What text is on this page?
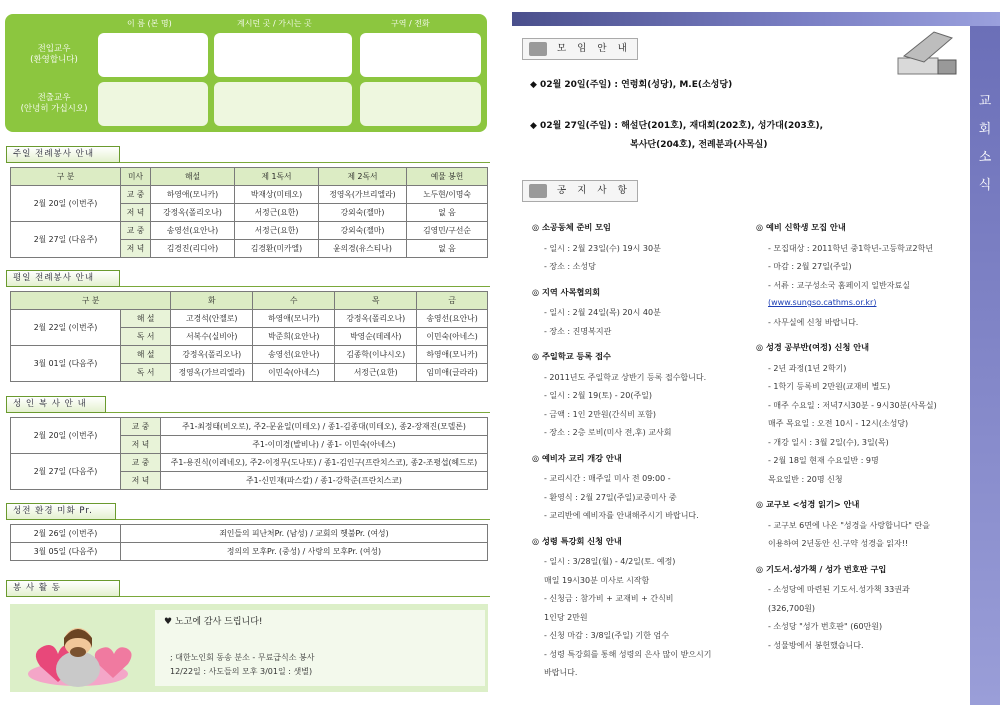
이 름 (본 명)	계시던 곳 / 가시는 곳	구역 / 전화
전입교우
(환영합니다)
전출교우
(안녕히 가십시오)
주일 전례봉사 안내
구 분	미사	해설	제 1독서	제 2독서	예물 봉헌
2월 20일 (이번주)	교 중	하영애(모니카)	박재상(미테오)	정영옥(가브리엘라)	노두현/이명숙
	저 녁	강정옥(폴리오나)	서정근(요한)	강외숙(젤마)	없 음
2월 27일 (다음주)	교 중	송영선(요안나)	서정근(요한)	강외숙(젤마)	김영민/구선순
	저 녁	김경진(리디아)	김경환(미카엘)	윤의경(유스티나)	없 음
평일 전례봉사 안내
구 분		화	수	목	금
2월 22일 (이번주)	해 설	고경석(안젤로)	하영애(모니카)	강정옥(폴리오나)	송영선(요안나)
	독 서	서복수(실비아)	박준희(요안나)	박영순(데레사)	이민숙(아네스)
3월 01일 (다음주)	해 설	강정옥(폴리오나)	송영선(요안나)	김종학(이냐시오)	하영애(모니카)
	독 서	정영옥(가브리엘라)	이민숙(아네스)	서정근(요한)	임미애(글라라)
성 인 복 사 안 내
2월 20일 (이번주)	교 중	주1-최정태(비오로), 주2-문윤일(미테오) / 종1-김종대(미테오), 종2-장재진(모델론)
	저 녁	주1-이미경(발비나) / 종1- 이민숙(아네스)
2월 27일 (다음주)	교 중	주1-용진식(이레네오), 주2-이정무(도나또) / 종1-김인구(프란치스코), 종2-조평섭(헤드로)
	저 녁	주1-신민재(파스칼) / 종1-강학준(프란치스코)
성전 환경 미화 Pr.
2월 26일 (이번주)	죄인들의 피난처Pr. (남성) / 교회의 헷불Pr. (여성)
3월 05일 (다음주)	정의의 모후Pr. (중성) / 사랑의 모후Pr. (여성)
봉 사 활 동
♥ 노고에 감사 드립니다!
; 대한노인회 동송 분소 - 무료급식소 봉사
12/22일 : 사도들의 모후 3/01일 : 샛별)
교
회
소
식
모 임 안 내
◆ 02월 20일(주일) : 연령회(성당), M.E(소성당)
◆ 02월 27일(주일) : 해설단(201호), 재대회(202호), 성가대(203호),
복사단(204호), 전례분과(사목실)
공 지 사 항
◎ 소공동체 준비 모임
- 일시 : 2월 23일(수) 19시 30분
- 장소 : 소성당
◎ 지역 사목협의회
- 일시 : 2월 24일(목) 20시 40분
- 장소 : 진명복지관
◎ 주일학교 등록 접수
- 2011년도 주일학교 상반기 등록 접수합니다.
- 일시 : 2월 19(토) - 20(주일)
- 금액 : 1인 2만원(간식비 포함)
- 장소 : 2층 로비(미사 전,후) 교사회
◎ 예비자 교리 개강 안내
- 교리시간 : 매주일 미사 전 09:00 -
- 환영식 : 2월 27일(주일)교중미사 중
- 교리반에 예비자를 안내해주시기 바랍니다.
◎ 성령 특강회 신청 안내
- 일시 : 3/28일(월) - 4/2일(토. 예정)
매일 19시30분 미사로 시작함
- 신청금 : 참가비 + 교재비 + 간식비
1인당 2만원
- 신청 마감 : 3/8일(주일) 기한 엄수
- 성령 특강회를 통해 성령의 은사 많이 받으시기
바랍니다.
◎ 예비 신학생 모집 안내
- 모집대상 : 2011학년 중1학년-고등학교2학년
- 마감 : 2월 27일(주일)
- 서류 : 교구성소국 홈페이지 일반자료실
(www.sungso.cathms.or.kr)
- 사무실에 신청 바랍니다.
◎ 성경 공부반(여정) 신청 안내
- 2년 과정(1년 2학기)
- 1학기 등록비 2만원(교재비 별도)
- 매주 수요일 : 저녁7시30분 - 9시30분(사목실)
매주 목요일 : 오전 10시 - 12시(소성당)
- 개강 일시 : 3월 2일(수), 3일(목)
- 2월 18일 현재 수요일반 : 9명
목요일반 : 20명 신청
◎ 교구보 <성경 읽기> 안내
- 교구보 6면에 나온 "성경을 사랑합니다" 란을
이용하여 2년동안 신.구약 성경을 읽자!!
◎ 기도서.성가책 / 성가 번호판 구입
- 소성당에 마련된 기도서.성가책 33권과
(326,700원)
- 소성당 "성가 번호판" (60만원)
- 성물방에서 봉헌했습니다.
